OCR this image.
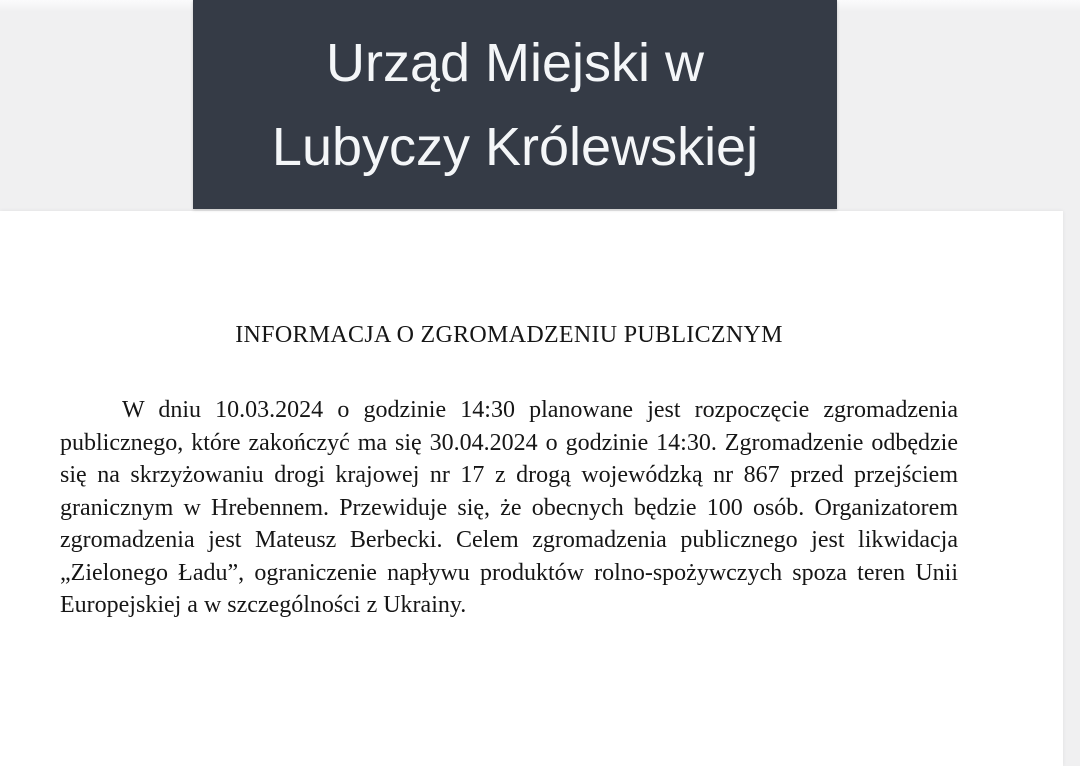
Urząd Miejski w
Lubyczy Królewskiej
INFORMACJA O ZGROMADZENIU PUBLICZNYM

W dniu 10.03.2024 o godzinie 14:30 planowane jest rozpoczęcie zgromadzenia publicznego, które zakończyć ma się 30.04.2024 o godzinie 14:30. Zgromadzenie odbędzie się na skrzyżowaniu drogi krajowej nr 17 z drogą wojewódzką nr 867 przed przejściem granicznym w Hrebennem. Przewiduje się, że obecnych będzie 100 osób. Organizatorem zgromadzenia jest Mateusz Berbecki. Celem zgromadzenia publicznego jest likwidacja „Zielonego Ładu”, ograniczenie napływu produktów rolno-spożywczych spoza teren Unii Europejskiej a w szczególności z Ukrainy.
